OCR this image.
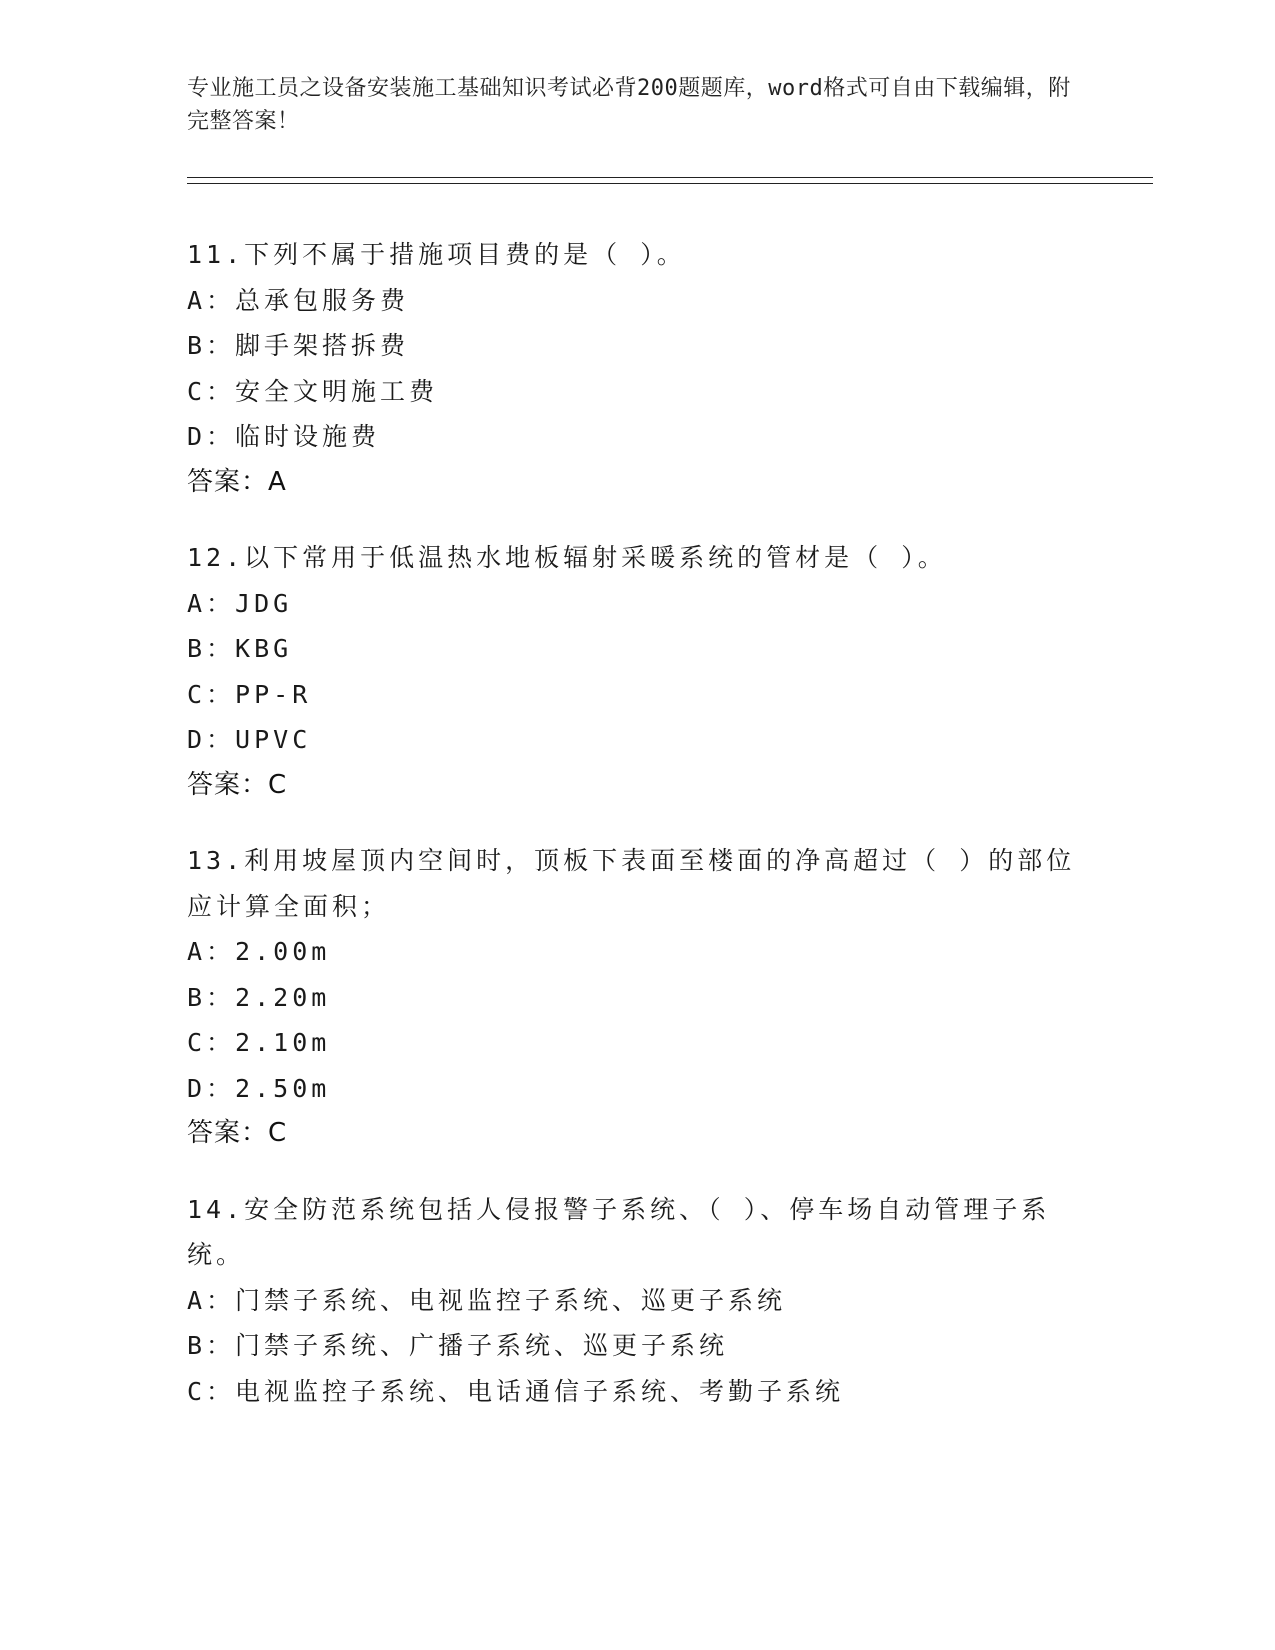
专业施工员之设备安装施工基础知识考试必背200题题库，word格式可自由下载编辑，附完整答案！

11.下列不属于措施项目费的是（ ）。

A：总承包服务费

B：脚手架搭拆费

C：安全文明施工费

D：临时设施费

答案：A

12.以下常用于低温热水地板辐射采暖系统的管材是（ ）。

A：JDG

B：KBG

C：PP-R

D：UPVC

答案：C

13.利用坡屋顶内空间时，顶板下表面至楼面的净高超过（ ）的部位应计算全面积；

A：2.00m

B：2.20m

C：2.10m

D：2.50m

答案：C

14.安全防范系统包括人侵报警子系统、（ ）、停车场自动管理子系统。

A：门禁子系统、电视监控子系统、巡更子系统

B：门禁子系统、广播子系统、巡更子系统

C：电视监控子系统、电话通信子系统、考勤子系统
